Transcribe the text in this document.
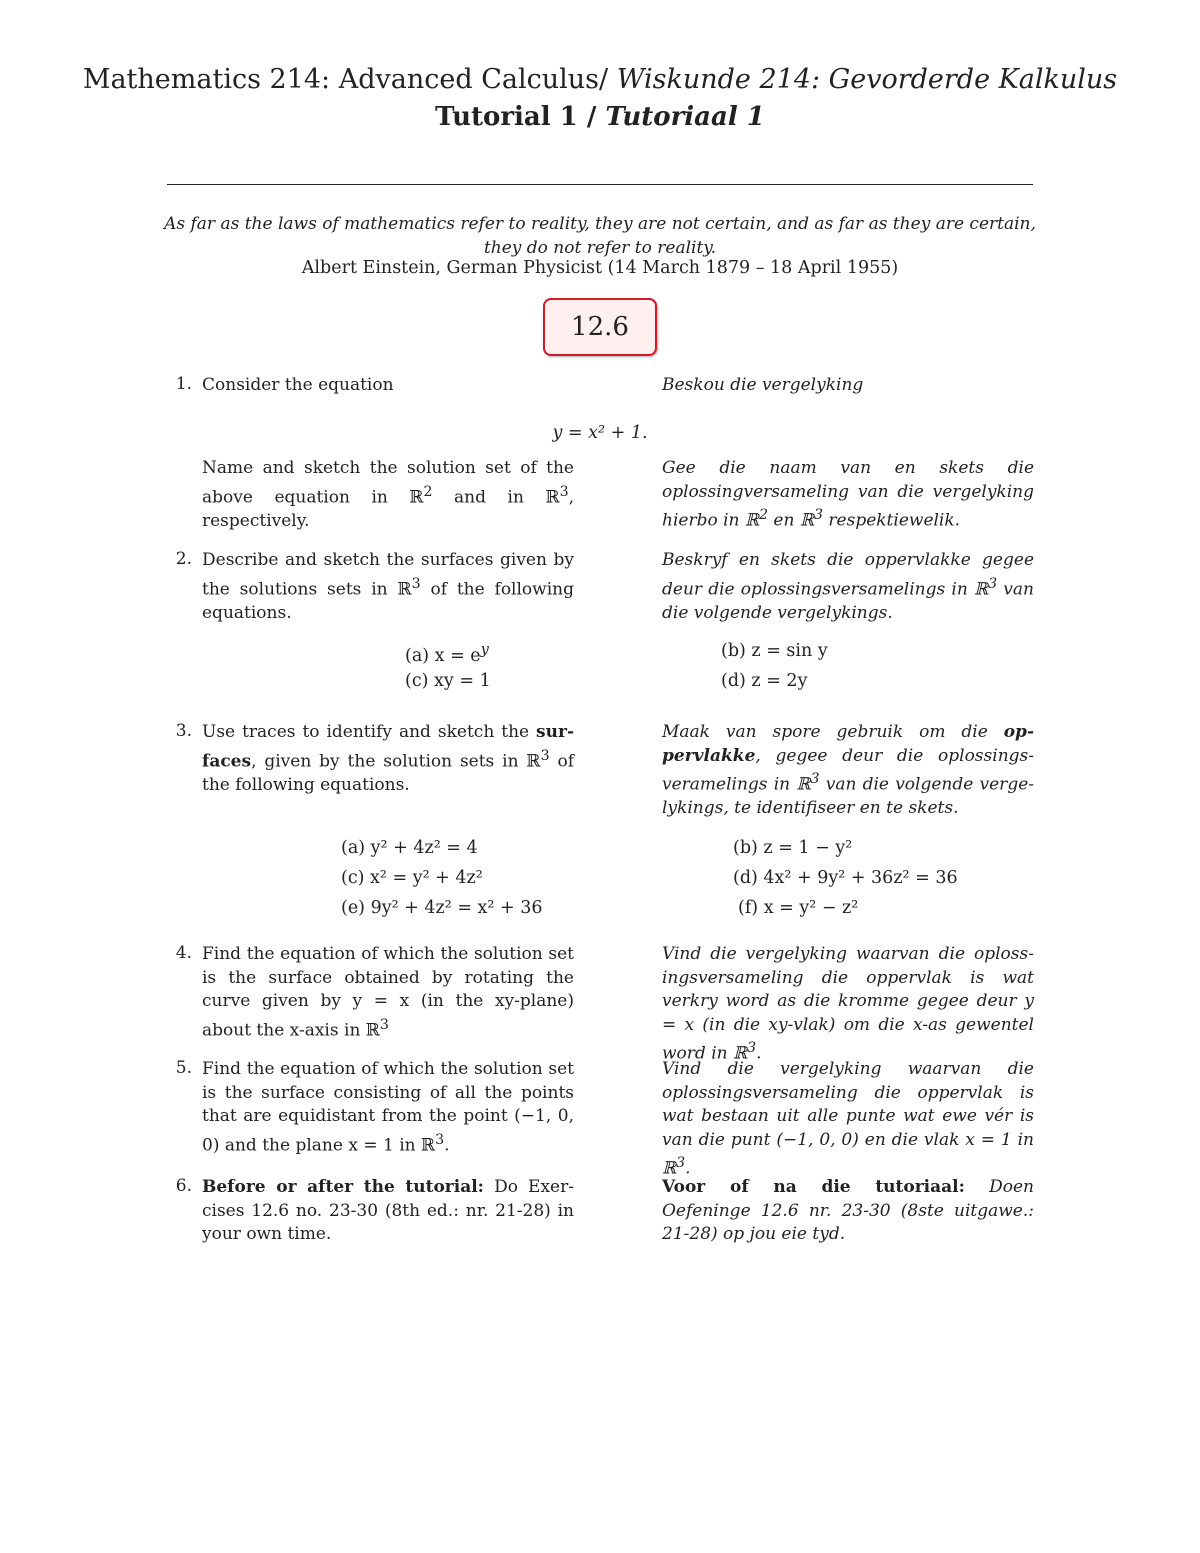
Mathematics 214: Advanced Calculus/ Wiskunde 214: Gevorderde Kalkulus
Tutorial 1 / Tutoriaal 1
As far as the laws of mathematics refer to reality, they are not certain, and as far as they are certain,
they do not refer to reality.
Albert Einstein, German Physicist (14 March 1879 – 18 April 1955)
12.6
1. Consider the equation	Beskou die vergelyking
y = x² + 1.
Name and sketch the solution set of the above equation in ℝ$^2$ and in ℝ$^3$, respectively.
Gee die naam van en skets die oplossingversameling van die vergelyking hierbo in ℝ$^2$ en ℝ$^3$ respektiewelik.
2. Describe and sketch the surfaces given by the solutions sets in ℝ$^3$ of the following equations.
Beskryf en skets die oppervlakke gegee deur die oplossingsversamelings in ℝ$^3$ van die volgende vergelykings.
(a) $x = e^y$	(b) z = sin y
(c) xy = 1	(d) z = 2y
3. Use traces to identify and sketch the surfaces, given by the solution sets in ℝ$^3$ of the following equations.
Maak van spore gebruik om die oppervlakke, gegee deur die oplossingsveramelings in ℝ$^3$ van die volgende vergelykings, te identifiseer en te skets.
(a) y² + 4z² = 4	(b) z = 1 − y²
(c) x² = y² + 4z²	(d) 4x² + 9y² + 36z² = 36
(e) 9y² + 4z² = x² + 36	(f) x = y² − z²
4. Find the equation of which the solution set is the surface obtained by rotating the curve given by y = x (in the xy-plane) about the x-axis in ℝ$^3$
Vind die vergelyking waarvan die oplossingsversameling die oppervlak is wat verkry word as die kromme gegee deur y = x (in die xy-vlak) om die x-as gewentel word in ℝ$^3$.
5. Find the equation of which the solution set is the surface consisting of all the points that are equidistant from the point (−1, 0, 0) and the plane x = 1 in ℝ$^3$.
Vind die vergelyking waarvan die oplossingsversameling die oppervlak is wat bestaan uit alle punte wat ewe vér is van die punt (−1, 0, 0) en die vlak x = 1 in ℝ$^3$.
6. Before or after the tutorial: Do Exercises 12.6 no. 23-30 (8th ed.: nr. 21-28) in your own time.
Voor of na die tutoriaal: Doen Oefeninge 12.6 nr. 23-30 (8ste uitgawe.: 21-28) op jou eie tyd.
